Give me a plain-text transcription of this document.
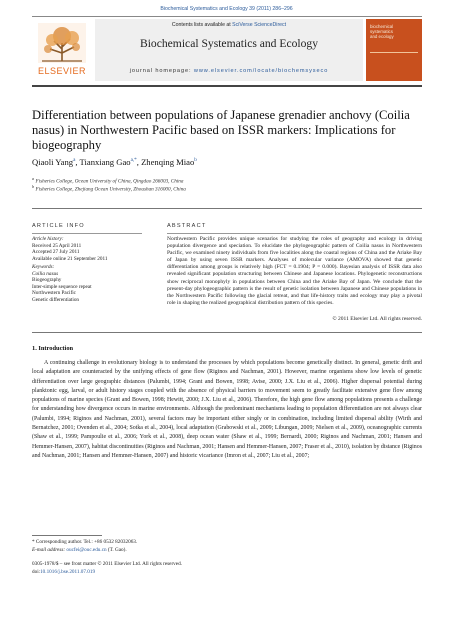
Biochemical Systematics and Ecology 39 (2011) 286–296
ELSEVIER
Contents lists available at SciVerse ScienceDirect
Biochemical Systematics and Ecology
journal homepage: www.elsevier.com/locate/biochemsyseco
biochemical
systematics
and ecology
Differentiation between populations of Japanese grenadier anchovy (Coilia nasus) in Northwestern Pacific based on ISSR markers: Implications for biogeography
Qiaoli Yang$^a$, Tianxiang Gao$^{a,*}$, Zhenqing Miao$^b$
$^a$ Fisheries College, Ocean University of China, Qingdao 266003, China
$^b$ Fisheries College, Zhejiang Ocean University, Zhoushan 316000, China
ARTICLE INFO
Article history:
Received 25 April 2011
Accepted 27 July 2011
Available online 21 September 2011
Keywords:
Coilia nasus
Biogeography
Inter-simple sequence repeat
Northwestern Pacific
Genetic differentiation
ABSTRACT
Northwestern Pacific provides unique scenarios for studying the roles of geography and ecology in driving population divergence and speciation. To elucidate the phylogeographic pattern of Coilia nasus in Northwestern Pacific, we examined ninety individuals from five localities along the coastal regions of China and the Ariake Bay of Japan by using seven ISSR markers. Analyses of molecular variance (AMOVA) showed that genetic differentiation among groups is relatively high (FCT = 0.1904; P = 0.000). Bayesian analysis of ISSR data also revealed significant population structuring between Chinese and Japanese locations. Phylogenetic reconstructions show reciprocal monophyly in populations between China and the Ariake Bay of Japan. We conclude that the present-day phylogeographic pattern is the result of genetic isolation between Japanese and Chinese populations in the Northwestern Pacific following the glacial retreat, and that life-history traits and ecology may play a pivotal role in shaping the realized geographical distribution pattern of this species.
© 2011 Elsevier Ltd. All rights reserved.
1. Introduction
A continuing challenge in evolutionary biology is to understand the processes by which populations become genetically distinct. In general, genetic drift and local adaptation are counteracted by the unifying effects of gene flow (Riginos and Nachman, 2001). However, marine organisms show low levels of genetic differentiation over large geographic distances (Palumbi, 1994; Grant and Bowen, 1998; Avise, 2000; J.X. Liu et al., 2006). Higher dispersal potential during planktonic egg, larval, or adult history stages coupled with the absence of physical barriers to movement seem to greatly facilitate extensive gene flow among populations of marine species (Grant and Bowen, 1998; Hewitt, 2000; J.X. Liu et al., 2006). Therefore, the high gene flow among populations presents a challenge for understanding how divergence occurs in marine environments. Although the predominant mechanisms leading to population differentiation are not always clear (Palumbi, 1994; Riginos and Nachman, 2001), several factors may be important either singly or in combination, including limited dispersal ability (Wirth and Bernatchez, 2001; Ovenden et al., 2004; Sotka et al., 2004), local adaptation (Grabowski et al., 2009; Libungan, 2009; Nielsen et al., 2009), oceanographic currents (Shaw et al., 1999; Pampoulie et al., 2006; York et al., 2008), deep ocean water (Shaw et al., 1999; Bernardi, 2000; Riginos and Nachman, 2001; Hansen and Hemmer-Hansen, 2007), habitat discontinuities (Riginos and Nachman, 2001; Hansen and Hemmer-Hansen, 2007; Fraser et al., 2010), isolation by distance (Riginos and Nachman, 2001; Hansen and Hemmer-Hansen, 2007) and historic vicariance (Imron et al., 2007; Liu et al., 2007;
* Corresponding author. Tel.: +86 0532 82032063.
E-mail address: oucfei@ouc.edu.cn (T. Gao).
0305-1978/$ – see front matter © 2011 Elsevier Ltd. All rights reserved.
doi:10.1016/j.bse.2011.07.019
